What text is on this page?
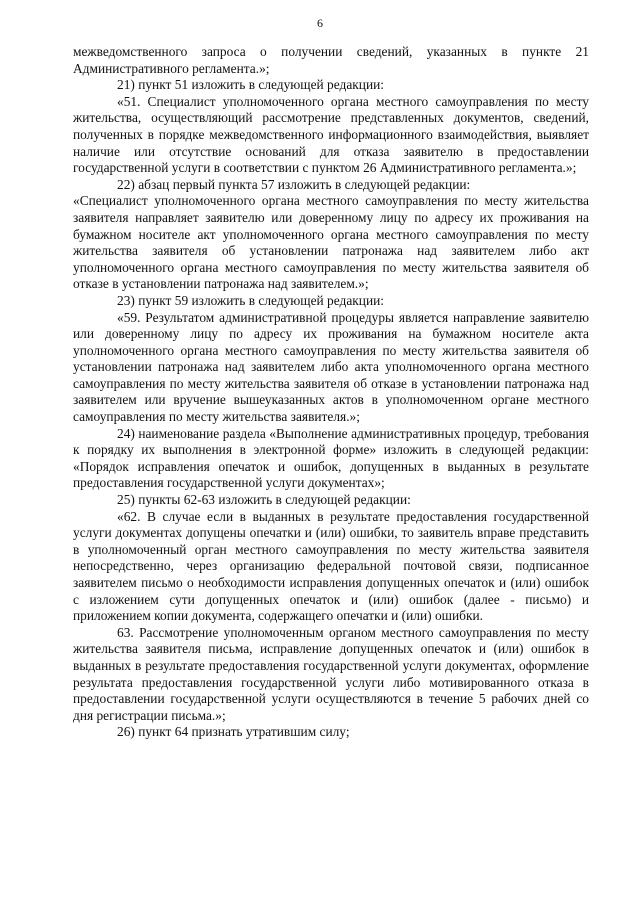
6

межведомственного запроса о получении сведений, указанных в пункте 21 Административного регламента.»;

21) пункт 51 изложить в следующей редакции:

«51. Специалист уполномоченного органа местного самоуправления по месту жительства, осуществляющий рассмотрение представленных документов, сведений, полученных в порядке межведомственного информационного взаимодействия, выявляет наличие или отсутствие оснований для отказа заявителю в предоставлении государственной услуги в соответствии с пунктом 26 Административного регламента.»;

22) абзац первый пункта 57 изложить в следующей редакции:

«Специалист уполномоченного органа местного самоуправления по месту жительства заявителя направляет заявителю или доверенному лицу по адресу их проживания на бумажном носителе акт уполномоченного органа местного самоуправления по месту жительства заявителя об установлении патронажа над заявителем либо акт уполномоченного органа местного самоуправления по месту жительства заявителя об отказе в установлении патронажа над заявителем.»;

23) пункт 59 изложить в следующей редакции:

«59. Результатом административной процедуры является направление заявителю или доверенному лицу по адресу их проживания на бумажном носителе акта уполномоченного органа местного самоуправления по месту жительства заявителя об установлении патронажа над заявителем либо акта уполномоченного органа местного самоуправления по месту жительства заявителя об отказе в установлении патронажа над заявителем или вручение вышеуказанных актов в уполномоченном органе местного самоуправления по месту жительства заявителя.»;

24) наименование раздела «Выполнение административных процедур, требования к порядку их выполнения в электронной форме» изложить в следующей редакции: «Порядок исправления опечаток и ошибок, допущенных в выданных в результате предоставления государственной услуги документах»;

25) пункты 62-63 изложить в следующей редакции:

«62. В случае если в выданных в результате предоставления государственной услуги документах допущены опечатки и (или) ошибки, то заявитель вправе представить в уполномоченный орган местного самоуправления по месту жительства заявителя непосредственно, через организацию федеральной почтовой связи, подписанное заявителем письмо о необходимости исправления допущенных опечаток и (или) ошибок с изложением сути допущенных опечаток и (или) ошибок (далее - письмо) и приложением копии документа, содержащего опечатки и (или) ошибки.

63. Рассмотрение уполномоченным органом местного самоуправления по месту жительства заявителя письма, исправление допущенных опечаток и (или) ошибок в выданных в результате предоставления государственной услуги документах, оформление результата предоставления государственной услуги либо мотивированного отказа в предоставлении государственной услуги осуществляются в течение 5 рабочих дней со дня регистрации письма.»;

26) пункт 64 признать утратившим силу;
